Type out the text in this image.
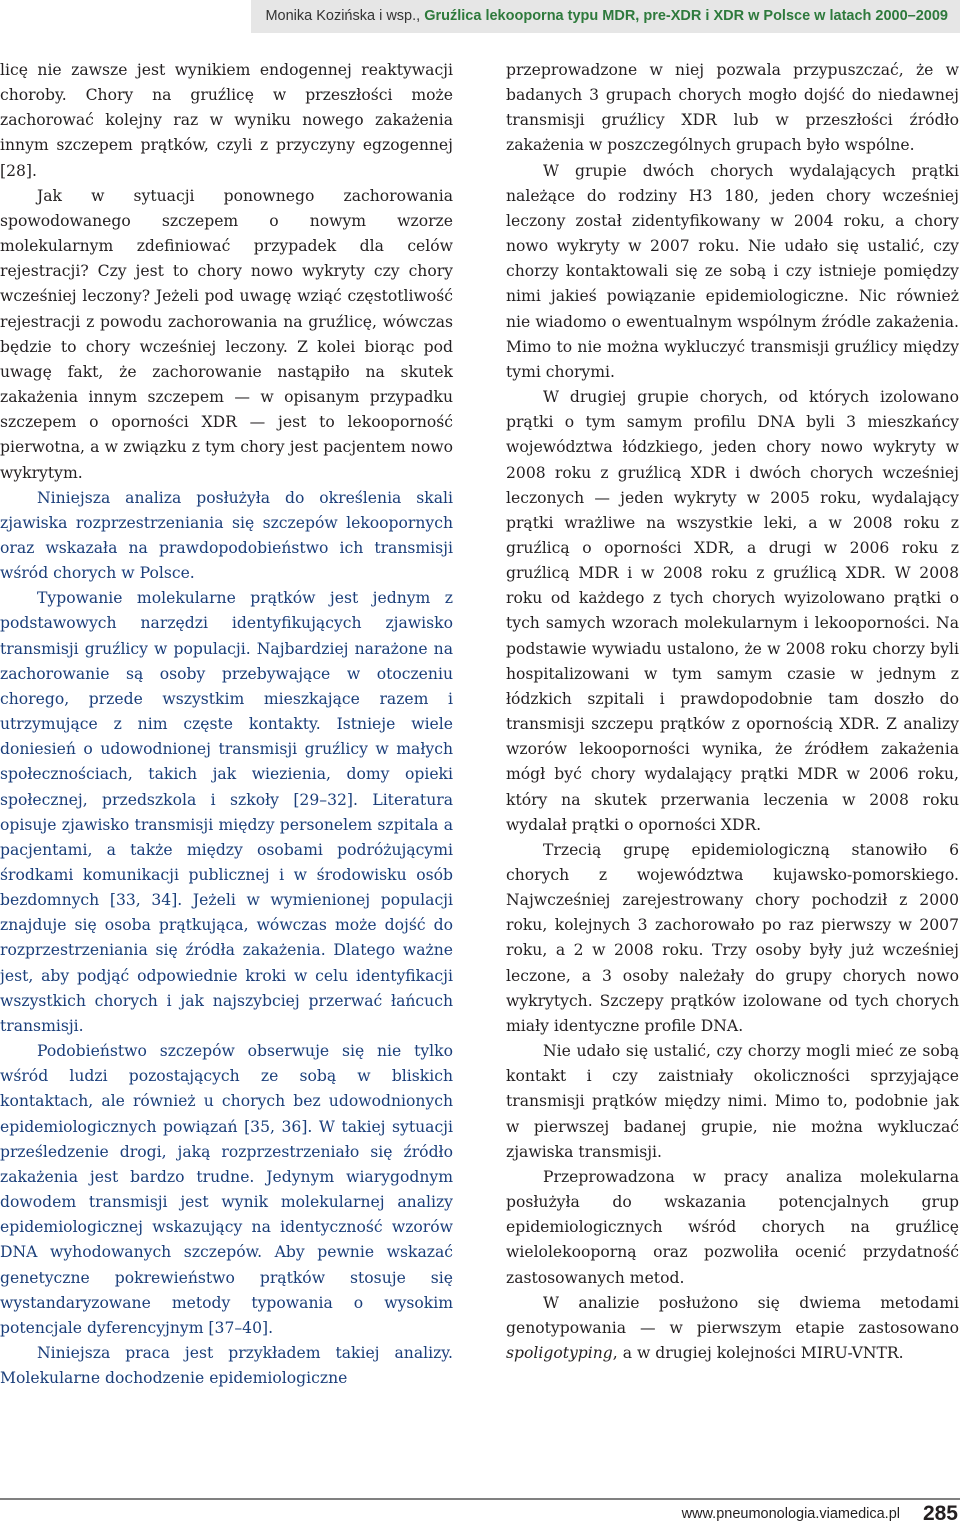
Monika Kozińska i wsp., Gruźlica lekooporna typu MDR, pre-XDR i XDR w Polsce w latach 2000–2009

licę nie zawsze jest wynikiem endogennej reaktywacji choroby. Chory na gruźlicę w przeszłości może zachorować kolejny raz w wyniku nowego zakażenia innym szczepem prątków, czyli z przyczyny egzogennej [28].

Jak w sytuacji ponownego zachorowania spowodowanego szczepem o nowym wzorze molekularnym zdefiniować przypadek dla celów rejestracji? Czy jest to chory nowo wykryty czy chory wcześniej leczony? Jeżeli pod uwagę wziąć częstotliwość rejestracji z powodu zachorowania na gruźlicę, wówczas będzie to chory wcześniej leczony. Z kolei biorąc pod uwagę fakt, że zachorowanie nastąpiło na skutek zakażenia innym szczepem — w opisanym przypadku szczepem o oporności XDR — jest to lekooporność pierwotna, a w związku z tym chory jest pacjentem nowo wykrytym.

Niniejsza analiza posłużyła do określenia skali zjawiska rozprzestrzeniania się szczepów lekoopornych oraz wskazała na prawdopodobieństwo ich transmisji wśród chorych w Polsce.

Typowanie molekularne prątków jest jednym z podstawowych narzędzi identyfikujących zjawisko transmisji gruźlicy w populacji. Najbardziej narażone na zachorowanie są osoby przebywające w otoczeniu chorego, przede wszystkim mieszkające razem i utrzymujące z nim częste kontakty. Istnieje wiele doniesień o udowodnionej transmisji gruźlicy w małych społecznościach, takich jak wiezienia, domy opieki społecznej, przedszkola i szkoły [29–32]. Literatura opisuje zjawisko transmisji między personelem szpitala a pacjentami, a także między osobami podróżującymi środkami komunikacji publicznej i w środowisku osób bezdomnych [33, 34]. Jeżeli w wymienionej populacji znajduje się osoba prątkująca, wówczas może dojść do rozprzestrzeniania się źródła zakażenia. Dlatego ważne jest, aby podjąć odpowiednie kroki w celu identyfikacji wszystkich chorych i jak najszybciej przerwać łańcuch transmisji.

Podobieństwo szczepów obserwuje się nie tylko wśród ludzi pozostających ze sobą w bliskich kontaktach, ale również u chorych bez udowodnionych epidemiologicznych powiązań [35, 36]. W takiej sytuacji prześledzenie drogi, jaką rozprzestrzeniało się źródło zakażenia jest bardzo trudne. Jedynym wiarygodnym dowodem transmisji jest wynik molekularnej analizy epidemiologicznej wskazujący na identyczność wzorów DNA wyhodowanych szczepów. Aby pewnie wskazać genetyczne pokrewieństwo prątków stosuje się wystandaryzowane metody typowania o wysokim potencjale dyferencyjnym [37–40].

Niniejsza praca jest przykładem takiej analizy. Molekularne dochodzenie epidemiologiczne

przeprowadzone w niej pozwala przypuszczać, że w badanych 3 grupach chorych mogło dojść do niedawnej transmisji gruźlicy XDR lub w przeszłości źródło zakażenia w poszczególnych grupach było wspólne.

W grupie dwóch chorych wydalających prątki należące do rodziny H3 180, jeden chory wcześniej leczony został zidentyfikowany w 2004 roku, a chory nowo wykryty w 2007 roku. Nie udało się ustalić, czy chorzy kontaktowali się ze sobą i czy istnieje pomiędzy nimi jakieś powiązanie epidemiologiczne. Nic również nie wiadomo o ewentualnym wspólnym źródle zakażenia. Mimo to nie można wykluczyć transmisji gruźlicy między tymi chorymi.

W drugiej grupie chorych, od których izolowano prątki o tym samym profilu DNA byli 3 mieszkańcy województwa łódzkiego, jeden chory nowo wykryty w 2008 roku z gruźlicą XDR i dwóch chorych wcześniej leczonych — jeden wykryty w 2005 roku, wydalający prątki wrażliwe na wszystkie leki, a w 2008 roku z gruźlicą o oporności XDR, a drugi w 2006 roku z gruźlicą MDR i w 2008 roku z gruźlicą XDR. W 2008 roku od każdego z tych chorych wyizolowano prątki o tych samych wzorach molekularnym i lekooporności. Na podstawie wywiadu ustalono, że w 2008 roku chorzy byli hospitalizowani w tym samym czasie w jednym z łódzkich szpitali i prawdopodobnie tam doszło do transmisji szczepu prątków z opornością XDR. Z analizy wzorów lekooporności wynika, że źródłem zakażenia mógł być chory wydalający prątki MDR w 2006 roku, który na skutek przerwania leczenia w 2008 roku wydalał prątki o oporności XDR.

Trzecią grupę epidemiologiczną stanowiło 6 chorych z województwa kujawsko-pomorskiego. Najwcześniej zarejestrowany chory pochodził z 2000 roku, kolejnych 3 zachorowało po raz pierwszy w 2007 roku, a 2 w 2008 roku. Trzy osoby były już wcześniej leczone, a 3 osoby należały do grupy chorych nowo wykrytych. Szczepy prątków izolowane od tych chorych miały identyczne profile DNA.

Nie udało się ustalić, czy chorzy mogli mieć ze sobą kontakt i czy zaistniały okoliczności sprzyjające transmisji prątków między nimi. Mimo to, podobnie jak w pierwszej badanej grupie, nie można wykluczać zjawiska transmisji.

Przeprowadzona w pracy analiza molekularna posłużyła do wskazania potencjalnych grup epidemiologicznych wśród chorych na gruźlicę wielolekooporną oraz pozwoliła ocenić przydatność zastosowanych metod.

W analizie posłużono się dwiema metodami genotypowania — w pierwszym etapie zastosowano spoligotyping, a w drugiej kolejności MIRU-VNTR.

www.pneumonologia.viamedica.pl 285
